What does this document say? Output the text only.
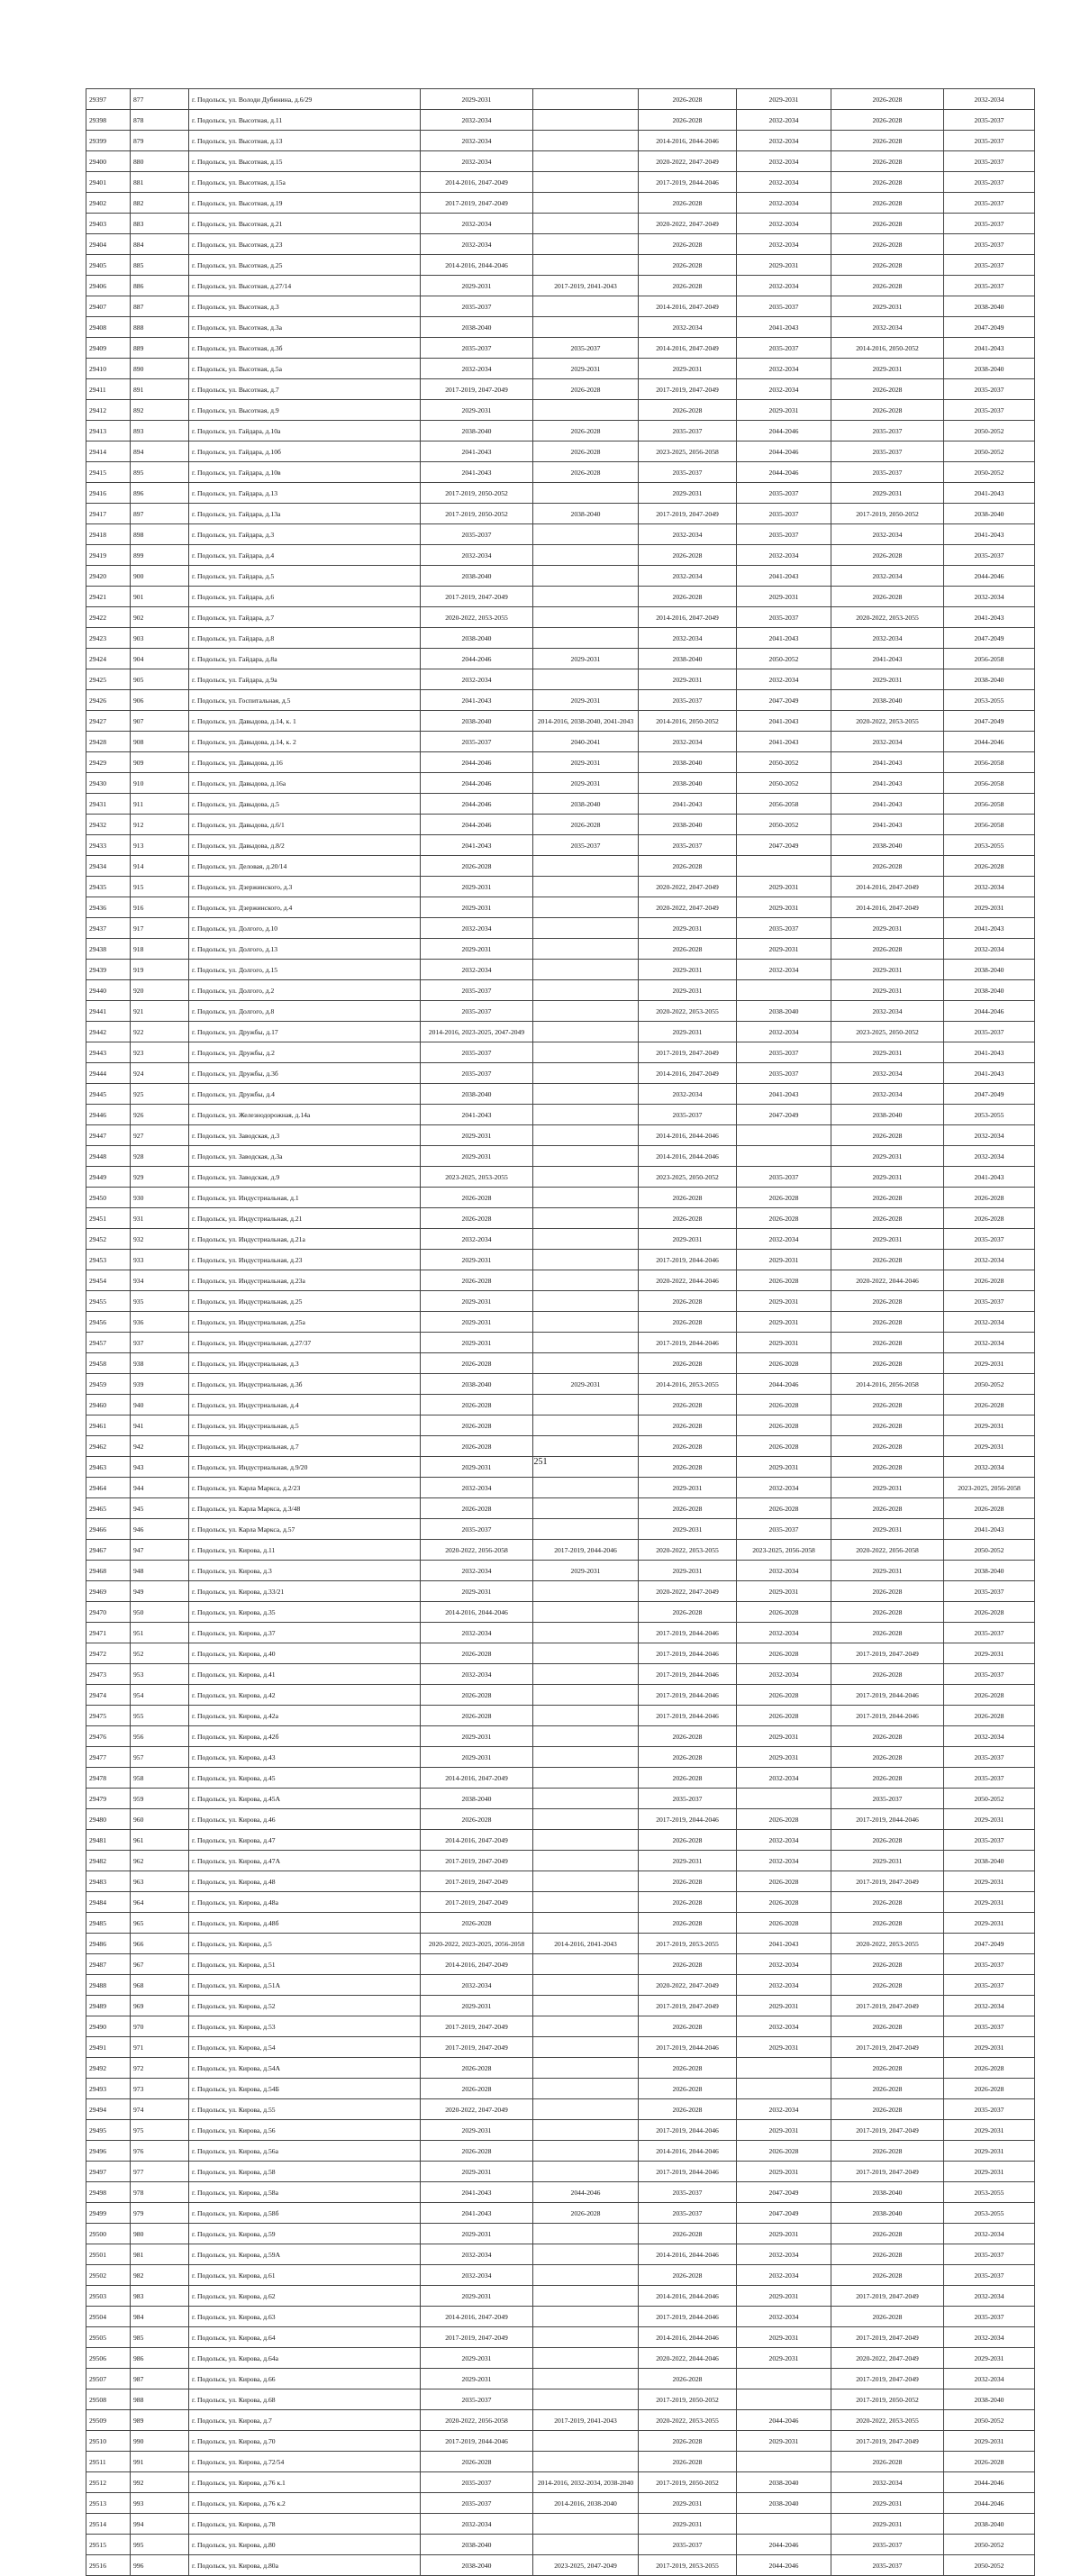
29397	877	г. Подольск, ул. Володи Дубинина, д.6/29	2029-2031		2026-2028	2029-2031	2026-2028	2032-2034
29398	878	г. Подольск, ул. Высотная, д.11	2032-2034		2026-2028	2032-2034	2026-2028	2035-2037
29399	879	г. Подольск, ул. Высотная, д.13	2032-2034		2014-2016, 2044-2046	2032-2034	2026-2028	2035-2037
29400	880	г. Подольск, ул. Высотная, д.15	2032-2034		2020-2022, 2047-2049	2032-2034	2026-2028	2035-2037
29401	881	г. Подольск, ул. Высотная, д.15а	2014-2016, 2047-2049		2017-2019, 2044-2046	2032-2034	2026-2028	2035-2037
29402	882	г. Подольск, ул. Высотная, д.19	2017-2019, 2047-2049		2026-2028	2032-2034	2026-2028	2035-2037
29403	883	г. Подольск, ул. Высотная, д.21	2032-2034		2020-2022, 2047-2049	2032-2034	2026-2028	2035-2037
29404	884	г. Подольск, ул. Высотная, д.23	2032-2034		2026-2028	2032-2034	2026-2028	2035-2037
29405	885	г. Подольск, ул. Высотная, д.25	2014-2016, 2044-2046		2026-2028	2029-2031	2026-2028	2035-2037
29406	886	г. Подольск, ул. Высотная, д.27/14	2029-2031	2017-2019, 2041-2043	2026-2028	2032-2034	2026-2028	2035-2037
29407	887	г. Подольск, ул. Высотная, д.3	2035-2037		2014-2016, 2047-2049	2035-2037	2029-2031	2038-2040
29408	888	г. Подольск, ул. Высотная, д.3а	2038-2040		2032-2034	2041-2043	2032-2034	2047-2049
29409	889	г. Подольск, ул. Высотная, д.3б	2035-2037	2035-2037	2014-2016, 2047-2049	2035-2037	2014-2016, 2050-2052	2041-2043
29410	890	г. Подольск, ул. Высотная, д.5а	2032-2034	2029-2031	2029-2031	2032-2034	2029-2031	2038-2040
29411	891	г. Подольск, ул. Высотная, д.7	2017-2019, 2047-2049	2026-2028	2017-2019, 2047-2049	2032-2034	2026-2028	2035-2037
29412	892	г. Подольск, ул. Высотная, д.9	2029-2031		2026-2028	2029-2031	2026-2028	2035-2037
29413	893	г. Подольск, ул. Гайдара, д.10а	2038-2040	2026-2028	2035-2037	2044-2046	2035-2037	2050-2052
29414	894	г. Подольск, ул. Гайдара, д.10б	2041-2043	2026-2028	2023-2025, 2056-2058	2044-2046	2035-2037	2050-2052
29415	895	г. Подольск, ул. Гайдара, д.10в	2041-2043	2026-2028	2035-2037	2044-2046	2035-2037	2050-2052
29416	896	г. Подольск, ул. Гайдара, д.13	2017-2019, 2050-2052		2029-2031	2035-2037	2029-2031	2041-2043
29417	897	г. Подольск, ул. Гайдара, д.13а	2017-2019, 2050-2052	2038-2040	2017-2019, 2047-2049	2035-2037	2017-2019, 2050-2052	2038-2040
29418	898	г. Подольск, ул. Гайдара, д.3	2035-2037		2032-2034	2035-2037	2032-2034	2041-2043
29419	899	г. Подольск, ул. Гайдара, д.4	2032-2034		2026-2028	2032-2034	2026-2028	2035-2037
29420	900	г. Подольск, ул. Гайдара, д.5	2038-2040		2032-2034	2041-2043	2032-2034	2044-2046
29421	901	г. Подольск, ул. Гайдара, д.6	2017-2019, 2047-2049		2026-2028	2029-2031	2026-2028	2032-2034
29422	902	г. Подольск, ул. Гайдара, д.7	2020-2022, 2053-2055		2014-2016, 2047-2049	2035-2037	2020-2022, 2053-2055	2041-2043
29423	903	г. Подольск, ул. Гайдара, д.8	2038-2040		2032-2034	2041-2043	2032-2034	2047-2049
29424	904	г. Подольск, ул. Гайдара, д.8а	2044-2046	2029-2031	2038-2040	2050-2052	2041-2043	2056-2058
29425	905	г. Подольск, ул. Гайдара, д.9а	2032-2034		2029-2031	2032-2034	2029-2031	2038-2040
29426	906	г. Подольск, ул. Госпитальная, д.5	2041-2043	2029-2031	2035-2037	2047-2049	2038-2040	2053-2055
29427	907	г. Подольск, ул. Давыдова, д.14, к. 1	2038-2040	2014-2016, 2038-2040, 2041-2043	2014-2016, 2050-2052	2041-2043	2020-2022, 2053-2055	2047-2049
29428	908	г. Подольск, ул. Давыдова, д.14, к. 2	2035-2037	2040-2041	2032-2034	2041-2043	2032-2034	2044-2046
29429	909	г. Подольск, ул. Давыдова, д.16	2044-2046	2029-2031	2038-2040	2050-2052	2041-2043	2056-2058
29430	910	г. Подольск, ул. Давыдова, д.16а	2044-2046	2029-2031	2038-2040	2050-2052	2041-2043	2056-2058
29431	911	г. Подольск, ул. Давыдова, д.5	2044-2046	2038-2040	2041-2043	2056-2058	2041-2043	2056-2058
29432	912	г. Подольск, ул. Давыдова, д.6/1	2044-2046	2026-2028	2038-2040	2050-2052	2041-2043	2056-2058
29433	913	г. Подольск, ул. Давыдова, д.8/2	2041-2043	2035-2037	2035-2037	2047-2049	2038-2040	2053-2055
29434	914	г. Подольск, ул. Деловая, д.20/14	2026-2028		2026-2028		2026-2028	2026-2028
29435	915	г. Подольск, ул. Дзержинского, д.3	2029-2031		2020-2022, 2047-2049	2029-2031	2014-2016, 2047-2049	2032-2034
29436	916	г. Подольск, ул. Дзержинского, д.4	2029-2031		2020-2022, 2047-2049	2029-2031	2014-2016, 2047-2049	2029-2031
29437	917	г. Подольск, ул. Долгого, д.10	2032-2034		2029-2031	2035-2037	2029-2031	2041-2043
29438	918	г. Подольск, ул. Долгого, д.13	2029-2031		2026-2028	2029-2031	2026-2028	2032-2034
29439	919	г. Подольск, ул. Долгого, д.15	2032-2034		2029-2031	2032-2034	2029-2031	2038-2040
29440	920	г. Подольск, ул. Долгого, д.2	2035-2037		2029-2031		2029-2031	2038-2040
29441	921	г. Подольск, ул. Долгого, д.8	2035-2037		2020-2022, 2053-2055	2038-2040	2032-2034	2044-2046
29442	922	г. Подольск, ул. Дружбы, д.17	2014-2016, 2023-2025, 2047-2049		2029-2031	2032-2034	2023-2025, 2050-2052	2035-2037
29443	923	г. Подольск, ул. Дружбы, д.2	2035-2037		2017-2019, 2047-2049	2035-2037	2029-2031	2041-2043
29444	924	г. Подольск, ул. Дружбы, д.3б	2035-2037		2014-2016, 2047-2049	2035-2037	2032-2034	2041-2043
29445	925	г. Подольск, ул. Дружбы, д.4	2038-2040		2032-2034	2041-2043	2032-2034	2047-2049
29446	926	г. Подольск, ул. Железнодорожная, д.14а	2041-2043		2035-2037	2047-2049	2038-2040	2053-2055
29447	927	г. Подольск, ул. Заводская, д.3	2029-2031		2014-2016, 2044-2046		2026-2028	2032-2034
29448	928	г. Подольск, ул. Заводская, д.3а	2029-2031		2014-2016, 2044-2046		2029-2031	2032-2034
29449	929	г. Подольск, ул. Заводская, д.9	2023-2025, 2053-2055		2023-2025, 2050-2052	2035-2037	2029-2031	2041-2043
29450	930	г. Подольск, ул. Индустриальная, д.1	2026-2028		2026-2028	2026-2028	2026-2028	2026-2028
29451	931	г. Подольск, ул. Индустриальная, д.21	2026-2028		2026-2028	2026-2028	2026-2028	2026-2028
29452	932	г. Подольск, ул. Индустриальная, д.21а	2032-2034		2029-2031	2032-2034	2029-2031	2035-2037
29453	933	г. Подольск, ул. Индустриальная, д.23	2029-2031		2017-2019, 2044-2046	2029-2031	2026-2028	2032-2034
29454	934	г. Подольск, ул. Индустриальная, д.23а	2026-2028		2020-2022, 2044-2046	2026-2028	2020-2022, 2044-2046	2026-2028
29455	935	г. Подольск, ул. Индустриальная, д.25	2029-2031		2026-2028	2029-2031	2026-2028	2035-2037
29456	936	г. Подольск, ул. Индустриальная, д.25а	2029-2031		2026-2028	2029-2031	2026-2028	2032-2034
29457	937	г. Подольск, ул. Индустриальная, д.27/37	2029-2031		2017-2019, 2044-2046	2029-2031	2026-2028	2032-2034
29458	938	г. Подольск, ул. Индустриальная, д.3	2026-2028		2026-2028	2026-2028	2026-2028	2029-2031
29459	939	г. Подольск, ул. Индустриальная, д.3б	2038-2040	2029-2031	2014-2016, 2053-2055	2044-2046	2014-2016, 2056-2058	2050-2052
29460	940	г. Подольск, ул. Индустриальная, д.4	2026-2028		2026-2028	2026-2028	2026-2028	2026-2028
29461	941	г. Подольск, ул. Индустриальная, д.5	2026-2028		2026-2028	2026-2028	2026-2028	2029-2031
29462	942	г. Подольск, ул. Индустриальная, д.7	2026-2028		2026-2028	2026-2028	2026-2028	2029-2031
29463	943	г. Подольск, ул. Индустриальная, д.9/20	2029-2031		2026-2028	2029-2031	2026-2028	2032-2034
29464	944	г. Подольск, ул. Карла Маркса, д.2/23	2032-2034		2029-2031	2032-2034	2029-2031	2023-2025, 2056-2058
29465	945	г. Подольск, ул. Карла Маркса, д.3/48	2026-2028		2026-2028	2026-2028	2026-2028	2026-2028
29466	946	г. Подольск, ул. Карла Маркса, д.57	2035-2037		2029-2031	2035-2037	2029-2031	2041-2043
29467	947	г. Подольск, ул. Кирова, д.11	2020-2022, 2056-2058	2017-2019, 2044-2046	2020-2022, 2053-2055	2023-2025, 2056-2058	2020-2022, 2056-2058	2050-2052
29468	948	г. Подольск, ул. Кирова, д.3	2032-2034	2029-2031	2029-2031	2032-2034	2029-2031	2038-2040
29469	949	г. Подольск, ул. Кирова, д.33/21	2029-2031		2020-2022, 2047-2049	2029-2031	2026-2028	2035-2037
29470	950	г. Подольск, ул. Кирова, д.35	2014-2016, 2044-2046		2026-2028	2026-2028	2026-2028	2026-2028
29471	951	г. Подольск, ул. Кирова, д.37	2032-2034		2017-2019, 2044-2046	2032-2034	2026-2028	2035-2037
29472	952	г. Подольск, ул. Кирова, д.40	2026-2028		2017-2019, 2044-2046	2026-2028	2017-2019, 2047-2049	2029-2031
29473	953	г. Подольск, ул. Кирова, д.41	2032-2034		2017-2019, 2044-2046	2032-2034	2026-2028	2035-2037
29474	954	г. Подольск, ул. Кирова, д.42	2026-2028		2017-2019, 2044-2046	2026-2028	2017-2019, 2044-2046	2026-2028
29475	955	г. Подольск, ул. Кирова, д.42а	2026-2028		2017-2019, 2044-2046	2026-2028	2017-2019, 2044-2046	2026-2028
29476	956	г. Подольск, ул. Кирова, д.42б	2029-2031		2026-2028	2029-2031	2026-2028	2032-2034
29477	957	г. Подольск, ул. Кирова, д.43	2029-2031		2026-2028	2029-2031	2026-2028	2035-2037
29478	958	г. Подольск, ул. Кирова, д.45	2014-2016, 2047-2049		2026-2028	2032-2034	2026-2028	2035-2037
29479	959	г. Подольск, ул. Кирова, д.45А	2038-2040		2035-2037		2035-2037	2050-2052
29480	960	г. Подольск, ул. Кирова, д.46	2026-2028		2017-2019, 2044-2046	2026-2028	2017-2019, 2044-2046	2029-2031
29481	961	г. Подольск, ул. Кирова, д.47	2014-2016, 2047-2049		2026-2028	2032-2034	2026-2028	2035-2037
29482	962	г. Подольск, ул. Кирова, д.47А	2017-2019, 2047-2049		2029-2031	2032-2034	2029-2031	2038-2040
29483	963	г. Подольск, ул. Кирова, д.48	2017-2019, 2047-2049		2026-2028	2026-2028	2017-2019, 2047-2049	2029-2031
29484	964	г. Подольск, ул. Кирова, д.48а	2017-2019, 2047-2049		2026-2028	2026-2028	2026-2028	2029-2031
29485	965	г. Подольск, ул. Кирова, д.48б	2026-2028		2026-2028	2026-2028	2026-2028	2029-2031
29486	966	г. Подольск, ул. Кирова, д.5	2020-2022, 2023-2025, 2056-2058	2014-2016, 2041-2043	2017-2019, 2053-2055	2041-2043	2020-2022, 2053-2055	2047-2049
29487	967	г. Подольск, ул. Кирова, д.51	2014-2016, 2047-2049		2026-2028	2032-2034	2026-2028	2035-2037
29488	968	г. Подольск, ул. Кирова, д.51А	2032-2034		2020-2022, 2047-2049	2032-2034	2026-2028	2035-2037
29489	969	г. Подольск, ул. Кирова, д.52	2029-2031		2017-2019, 2047-2049	2029-2031	2017-2019, 2047-2049	2032-2034
29490	970	г. Подольск, ул. Кирова, д.53	2017-2019, 2047-2049		2026-2028	2032-2034	2026-2028	2035-2037
29491	971	г. Подольск, ул. Кирова, д.54	2017-2019, 2047-2049		2017-2019, 2044-2046	2029-2031	2017-2019, 2047-2049	2029-2031
29492	972	г. Подольск, ул. Кирова, д.54А	2026-2028		2026-2028		2026-2028	2026-2028
29493	973	г. Подольск, ул. Кирова, д.54Б	2026-2028		2026-2028		2026-2028	2026-2028
29494	974	г. Подольск, ул. Кирова, д.55	2020-2022, 2047-2049		2026-2028	2032-2034	2026-2028	2035-2037
29495	975	г. Подольск, ул. Кирова, д.56	2029-2031		2017-2019, 2044-2046	2029-2031	2017-2019, 2047-2049	2029-2031
29496	976	г. Подольск, ул. Кирова, д.56а	2026-2028		2014-2016, 2044-2046	2026-2028	2026-2028	2029-2031
29497	977	г. Подольск, ул. Кирова, д.58	2029-2031		2017-2019, 2044-2046	2029-2031	2017-2019, 2047-2049	2029-2031
29498	978	г. Подольск, ул. Кирова, д.58а	2041-2043	2044-2046	2035-2037	2047-2049	2038-2040	2053-2055
29499	979	г. Подольск, ул. Кирова, д.58б	2041-2043	2026-2028	2035-2037	2047-2049	2038-2040	2053-2055
29500	980	г. Подольск, ул. Кирова, д.59	2029-2031		2026-2028	2029-2031	2026-2028	2032-2034
29501	981	г. Подольск, ул. Кирова, д.59А	2032-2034		2014-2016, 2044-2046	2032-2034	2026-2028	2035-2037
29502	982	г. Подольск, ул. Кирова, д.61	2032-2034		2026-2028	2032-2034	2026-2028	2035-2037
29503	983	г. Подольск, ул. Кирова, д.62	2029-2031		2014-2016, 2044-2046	2029-2031	2017-2019, 2047-2049	2032-2034
29504	984	г. Подольск, ул. Кирова, д.63	2014-2016, 2047-2049		2017-2019, 2044-2046	2032-2034	2026-2028	2035-2037
29505	985	г. Подольск, ул. Кирова, д.64	2017-2019, 2047-2049		2014-2016, 2044-2046	2029-2031	2017-2019, 2047-2049	2032-2034
29506	986	г. Подольск, ул. Кирова, д.64а	2029-2031		2020-2022, 2044-2046	2029-2031	2020-2022, 2047-2049	2029-2031
29507	987	г. Подольск, ул. Кирова, д.66	2029-2031		2026-2028		2017-2019, 2047-2049	2032-2034
29508	988	г. Подольск, ул. Кирова, д.68	2035-2037		2017-2019, 2050-2052		2017-2019, 2050-2052	2038-2040
29509	989	г. Подольск, ул. Кирова, д.7	2020-2022, 2056-2058	2017-2019, 2041-2043	2020-2022, 2053-2055	2044-2046	2020-2022, 2053-2055	2050-2052
29510	990	г. Подольск, ул. Кирова, д.70	2017-2019, 2044-2046		2026-2028	2029-2031	2017-2019, 2047-2049	2029-2031
29511	991	г. Подольск, ул. Кирова, д.72/54	2026-2028		2026-2028		2026-2028	2026-2028
29512	992	г. Подольск, ул. Кирова, д.76 к.1	2035-2037	2014-2016, 2032-2034, 2038-2040	2017-2019, 2050-2052	2038-2040	2032-2034	2044-2046
29513	993	г. Подольск, ул. Кирова, д.76 к.2	2035-2037	2014-2016, 2038-2040	2029-2031	2038-2040	2029-2031	2044-2046
29514	994	г. Подольск, ул. Кирова, д.78	2032-2034		2029-2031		2029-2031	2038-2040
29515	995	г. Подольск, ул. Кирова, д.80	2038-2040		2035-2037	2044-2046	2035-2037	2050-2052
29516	996	г. Подольск, ул. Кирова, д.80а	2038-2040	2023-2025, 2047-2049	2017-2019, 2053-2055	2044-2046	2035-2037	2050-2052
251
